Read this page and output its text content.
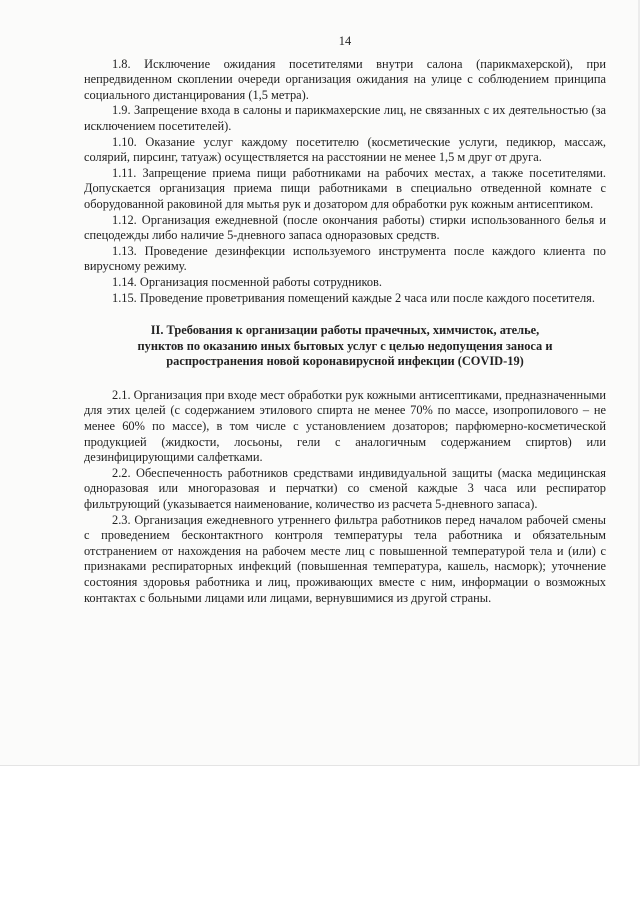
14

1.8. Исключение ожидания посетителями внутри салона (парикмахерской), при непредвиденном скоплении очереди организация ожидания на улице с соблюдением принципа социального дистанцирования (1,5 метра).

1.9. Запрещение входа в салоны и парикмахерские лиц, не связанных с их деятельностью (за исключением посетителей).

1.10. Оказание услуг каждому посетителю (косметические услуги, педикюр, массаж, солярий, пирсинг, татуаж) осуществляется на расстоянии не менее 1,5 м друг от друга.

1.11. Запрещение приема пищи работниками на рабочих местах, а также посетителями. Допускается организация приема пищи работниками в специально отведенной комнате с оборудованной раковиной для мытья рук и дозатором для обработки рук кожным антисептиком.

1.12. Организация ежедневной (после окончания работы) стирки использованного белья и спецодежды либо наличие 5-дневного запаса одноразовых средств.

1.13. Проведение дезинфекции используемого инструмента после каждого клиента по вирусному режиму.

1.14. Организация посменной работы сотрудников.

1.15. Проведение проветривания помещений каждые 2 часа или после каждого посетителя.

II. Требования к организации работы прачечных, химчисток, ателье,
пунктов по оказанию иных бытовых услуг с целью недопущения заноса и
распространения новой коронавирусной инфекции (COVID-19)

2.1. Организация при входе мест обработки рук кожными антисептиками, предназначенными для этих целей (с содержанием этилового спирта не менее 70% по массе, изопропилового – не менее 60% по массе), в том числе с установлением дозаторов; парфюмерно-косметической продукцией (жидкости, лосьоны, гели с аналогичным содержанием спиртов) или дезинфицирующими салфетками.

2.2. Обеспеченность работников средствами индивидуальной защиты (маска медицинская одноразовая или многоразовая и перчатки) со сменой каждые 3 часа или респиратор фильтрующий (указывается наименование, количество из расчета 5-дневного запаса).

2.3. Организация ежедневного утреннего фильтра работников перед началом рабочей смены с проведением бесконтактного контроля температуры тела работника и обязательным отстранением от нахождения на рабочем месте лиц с повышенной температурой тела и (или) с признаками респираторных инфекций (повышенная температура, кашель, насморк); уточнение состояния здоровья работника и лиц, проживающих вместе с ним, информации о возможных контактах с больными лицами или лицами, вернувшимися из другой страны.
